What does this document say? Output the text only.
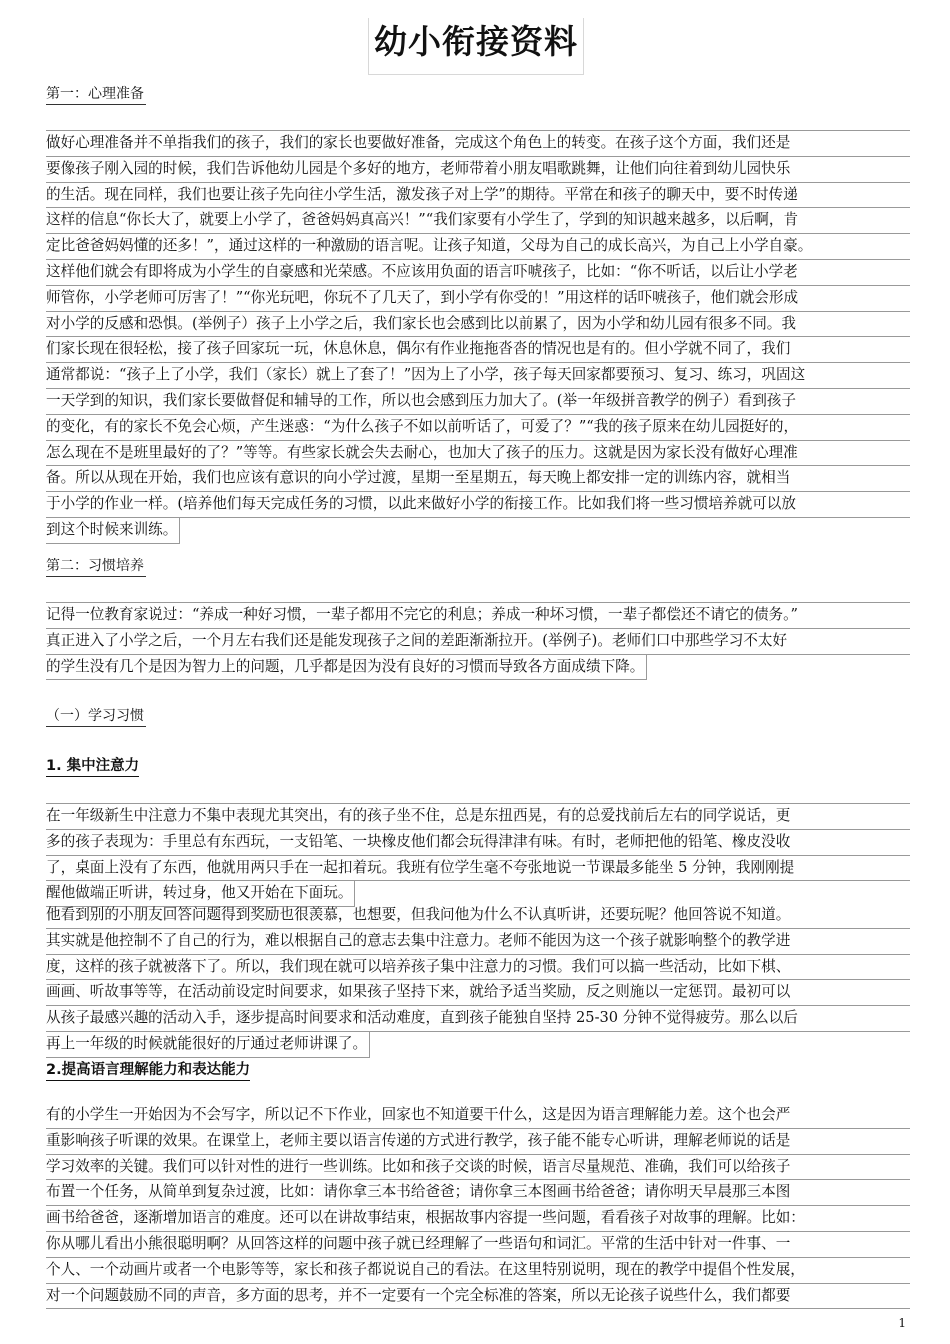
幼小衔接资料
第一：心理准备
做好心理准备并不单指我们的孩子，我们的家长也要做好准备，完成这个角色上的转变。在孩子这个方面，我们还是
要像孩子刚入园的时候，我们告诉他幼儿园是个多好的地方，老师带着小朋友唱歌跳舞，让他们向往着到幼儿园快乐
的生活。现在同样，我们也要让孩子先向往小学生活，激发孩子对上学”的期待。平常在和孩子的聊天中，要不时传递
这样的信息“你长大了，就要上小学了，爸爸妈妈真高兴！”“我们家要有小学生了，学到的知识越来越多，以后啊，肯
定比爸爸妈妈懂的还多！”，通过这样的一种激励的语言呢。让孩子知道，父母为自己的成长高兴，为自己上小学自豪。
这样他们就会有即将成为小学生的自豪感和光荣感。不应该用负面的语言吓唬孩子，比如：“你不听话，以后让小学老
师管你，小学老师可厉害了！”“你光玩吧，你玩不了几天了，到小学有你受的！”用这样的话吓唬孩子，他们就会形成
对小学的反感和恐惧。(举例子）孩子上小学之后，我们家长也会感到比以前累了，因为小学和幼儿园有很多不同。我
们家长现在很轻松，接了孩子回家玩一玩，休息休息，偶尔有作业拖拖沓沓的情况也是有的。但小学就不同了，我们
通常都说：“孩子上了小学，我们（家长）就上了套了！”因为上了小学，孩子每天回家都要预习、复习、练习，巩固这
一天学到的知识，我们家长要做督促和辅导的工作，所以也会感到压力加大了。(举一年级拼音教学的例子）看到孩子
的变化，有的家长不免会心烦，产生迷惑：“为什么孩子不如以前听话了，可爱了？”“我的孩子原来在幼儿园挺好的，
怎么现在不是班里最好的了？”等等。有些家长就会失去耐心，也加大了孩子的压力。这就是因为家长没有做好心理准
备。所以从现在开始，我们也应该有意识的向小学过渡，星期一至星期五，每天晚上都安排一定的训练内容，就相当
于小学的作业一样。(培养他们每天完成任务的习惯，以此来做好小学的衔接工作。比如我们将一些习惯培养就可以放
到这个时候来训练。
第二：习惯培养
记得一位教育家说过：“养成一种好习惯，一辈子都用不完它的利息；养成一种坏习惯，一辈子都偿还不请它的债务。”
真正进入了小学之后，一个月左右我们还是能发现孩子之间的差距渐渐拉开。(举例子)。老师们口中那些学习不太好
的学生没有几个是因为智力上的问题，几乎都是因为没有良好的习惯而导致各方面成绩下降。
（一）学习习惯
1. 集中注意力
在一年级新生中注意力不集中表现尤其突出，有的孩子坐不住，总是东扭西晃，有的总爱找前后左右的同学说话，更
多的孩子表现为：手里总有东西玩，一支铅笔、一块橡皮他们都会玩得津津有味。有时，老师把他的铅笔、橡皮没收
了，桌面上没有了东西，他就用两只手在一起扣着玩。我班有位学生毫不夸张地说一节课最多能坐 5 分钟，我刚刚提
醒他做端正听讲，转过身，他又开始在下面玩。
他看到别的小朋友回答问题得到奖励也很羡慕，也想要，但我问他为什么不认真听讲，还要玩呢？他回答说不知道。
其实就是他控制不了自己的行为，难以根据自己的意志去集中注意力。老师不能因为这一个孩子就影响整个的教学进
度，这样的孩子就被落下了。所以，我们现在就可以培养孩子集中注意力的习惯。我们可以搞一些活动，比如下棋、
画画、听故事等等，在活动前设定时间要求，如果孩子坚持下来，就给予适当奖励，反之则施以一定惩罚。最初可以
从孩子最感兴趣的活动入手，逐步提高时间要求和活动难度，直到孩子能独自坚持 25-30 分钟不觉得疲劳。那么以后
再上一年级的时候就能很好的厅通过老师讲课了。
2.提高语言理解能力和表达能力
有的小学生一开始因为不会写字，所以记不下作业，回家也不知道要干什么，这是因为语言理解能力差。这个也会严
重影响孩子听课的效果。在课堂上，老师主要以语言传递的方式进行教学，孩子能不能专心听讲，理解老师说的话是
学习效率的关键。我们可以针对性的进行一些训练。比如和孩子交谈的时候，语言尽量规范、准确，我们可以给孩子
布置一个任务，从简单到复杂过渡，比如：请你拿三本书给爸爸；请你拿三本图画书给爸爸；请你明天早晨那三本图
画书给爸爸，逐渐增加语言的难度。还可以在讲故事结束，根据故事内容提一些问题，看看孩子对故事的理解。比如：
你从哪儿看出小熊很聪明啊？从回答这样的问题中孩子就已经理解了一些语句和词汇。平常的生活中针对一件事、一
个人、一个动画片或者一个电影等等，家长和孩子都说说自己的看法。在这里特别说明，现在的教学中提倡个性发展，
对一个问题鼓励不同的声音，多方面的思考，并不一定要有一个完全标准的答案，所以无论孩子说些什么，我们都要
1
